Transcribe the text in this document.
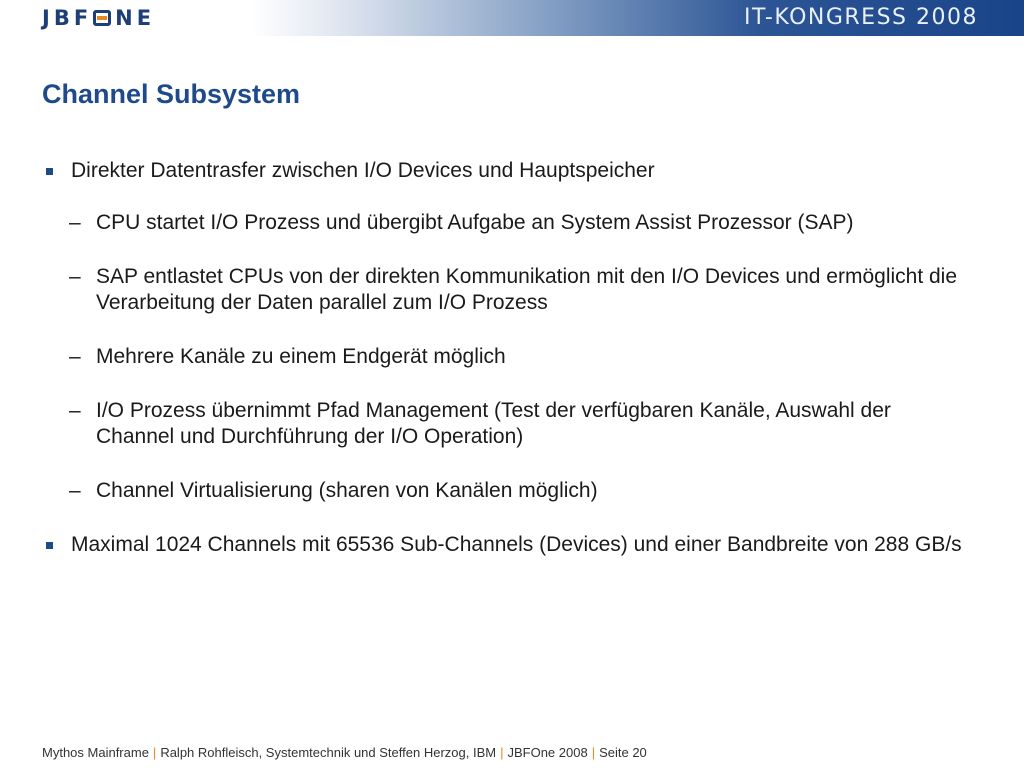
JBF NE	IT-KONGRESS 2008
Channel Subsystem
Direkter Datentrasfer zwischen I/O Devices und Hauptspeicher
– CPU startet I/O Prozess und übergibt Aufgabe an System Assist Prozessor (SAP)
– SAP entlastet CPUs von der direkten Kommunikation mit den I/O Devices und ermöglicht die Verarbeitung der Daten parallel zum I/O Prozess
– Mehrere Kanäle zu einem Endgerät möglich
– I/O Prozess übernimmt Pfad Management (Test der verfügbaren Kanäle, Auswahl der Channel und Durchführung der I/O Operation)
– Channel Virtualisierung (sharen von Kanälen möglich)
Maximal 1024 Channels mit 65536 Sub-Channels (Devices) und einer Bandbreite von 288 GB/s
Mythos Mainframe | Ralph Rohfleisch, Systemtechnik und Steffen Herzog, IBM | JBFOne 2008 | Seite 20
